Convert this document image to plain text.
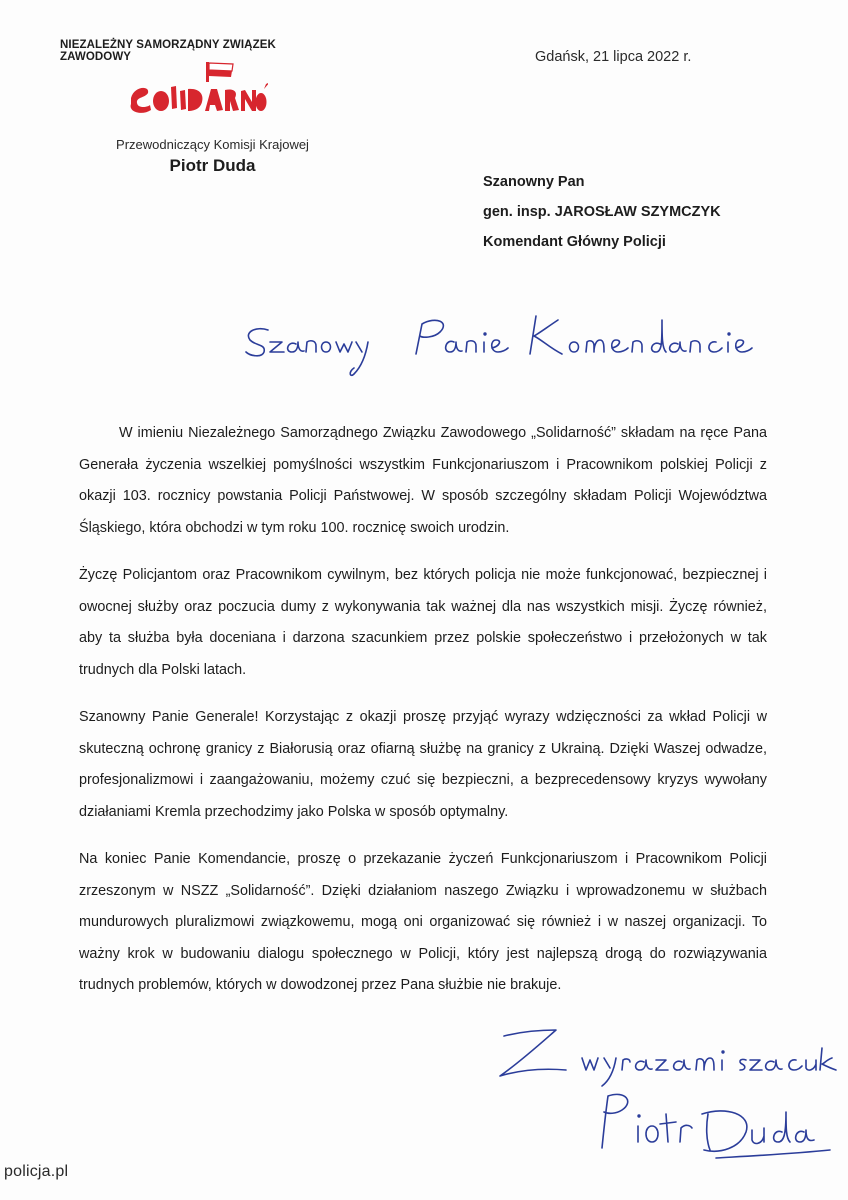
NIEZALEŻNY SAMORZĄDNY ZWIĄZEK ZAWODOWY
Przewodniczący Komisji Krajowej
Piotr Duda
Gdańsk, 21 lipca 2022 r.
Szanowny Pan
gen. insp. JAROSŁAW SZYMCZYK
Komendant Główny Policji

W imieniu Niezależnego Samorządnego Związku Zawodowego „Solidarność” składam na ręce Pana Generała życzenia wszelkiej pomyślności wszystkim Funkcjonariuszom i Pracownikom polskiej Policji z okazji 103. rocznicy powstania Policji Państwowej. W sposób szczególny składam Policji Województwa Śląskiego, która obchodzi w tym roku 100. rocznicę swoich urodzin.

Życzę Policjantom oraz Pracownikom cywilnym, bez których policja nie może funkcjonować, bezpiecznej i owocnej służby oraz poczucia dumy z wykonywania tak ważnej dla nas wszystkich misji. Życzę również, aby ta służba była doceniana i darzona szacunkiem przez polskie społeczeństwo i przełożonych w tak trudnych dla Polski latach.

Szanowny Panie Generale! Korzystając z okazji proszę przyjąć wyrazy wdzięczności za wkład Policji w skuteczną ochronę granicy z Białorusią oraz ofiarną służbę na granicy z Ukrainą. Dzięki Waszej odwadze, profesjonalizmowi i zaangażowaniu, możemy czuć się bezpieczni, a bezprecedensowy kryzys wywołany działaniami Kremla przechodzimy jako Polska w sposób optymalny.

Na koniec Panie Komendancie, proszę o przekazanie życzeń Funkcjonariuszom i Pracownikom Policji zrzeszonym w NSZZ „Solidarność”. Dzięki działaniom naszego Związku i wprowadzonemu w służbach mundurowych pluralizmowi związkowemu, mogą oni organizować się również i w naszej organizacji. To ważny krok w budowaniu dialogu społecznego w Policji, który jest najlepszą drogą do rozwiązywania trudnych problemów, których w dowodzonej przez Pana służbie nie brakuje.

policja.pl
